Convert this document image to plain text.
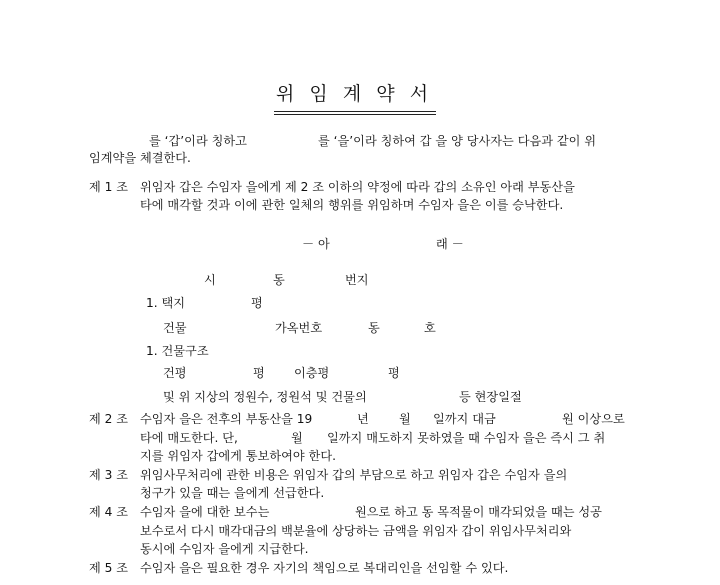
위  임  계  약  서
를 ‘갑’이라 칭하고	를 ‘을’이라 칭하여 갑 을 양 당사자는 다음과 같이 위
임계약을 체결한다.
제 1 조 위임자 갑은 수임자 을에게 제 2 조 이하의 약정에 따라 갑의 소유인 아래 부동산을
타에 매각할 것과 이에 관한 일체의 행위를 위임하며 수임자 을은 이를 승낙한다.
－ 아	래 －
시	동	번지
1. 택지	평
건물	가옥번호	동	호
1. 건물구조
건평	평 이층평	평
및 위 지상의 정원수, 정원석 및 건물의	등 현장일절
제 2 조 수임자 을은 전후의 부동산을 19	년 월 일까지 대금	원 이상으로
타에 매도한다. 단,	월 일까지 매도하지 못하였을 때 수임자 을은 즉시 그 취
지를 위임자 갑에게 통보하여야 한다.
제 3 조 위임사무처리에 관한 비용은 위임자 갑의 부담으로 하고 위임자 갑은 수임자 을의
청구가 있을 때는 을에게 선급한다.
제 4 조 수임자 을에 대한 보수는	원으로 하고 동 목적물이 매각되었을 때는 성공
보수로서 다시 매각대금의 백분율에 상당하는 금액을 위임자 갑이 위임사무처리와
동시에 수임자 을에게 지급한다.
제 5 조 수임자 을은 필요한 경우 자기의 책임으로 복대리인을 선임할 수 있다.
